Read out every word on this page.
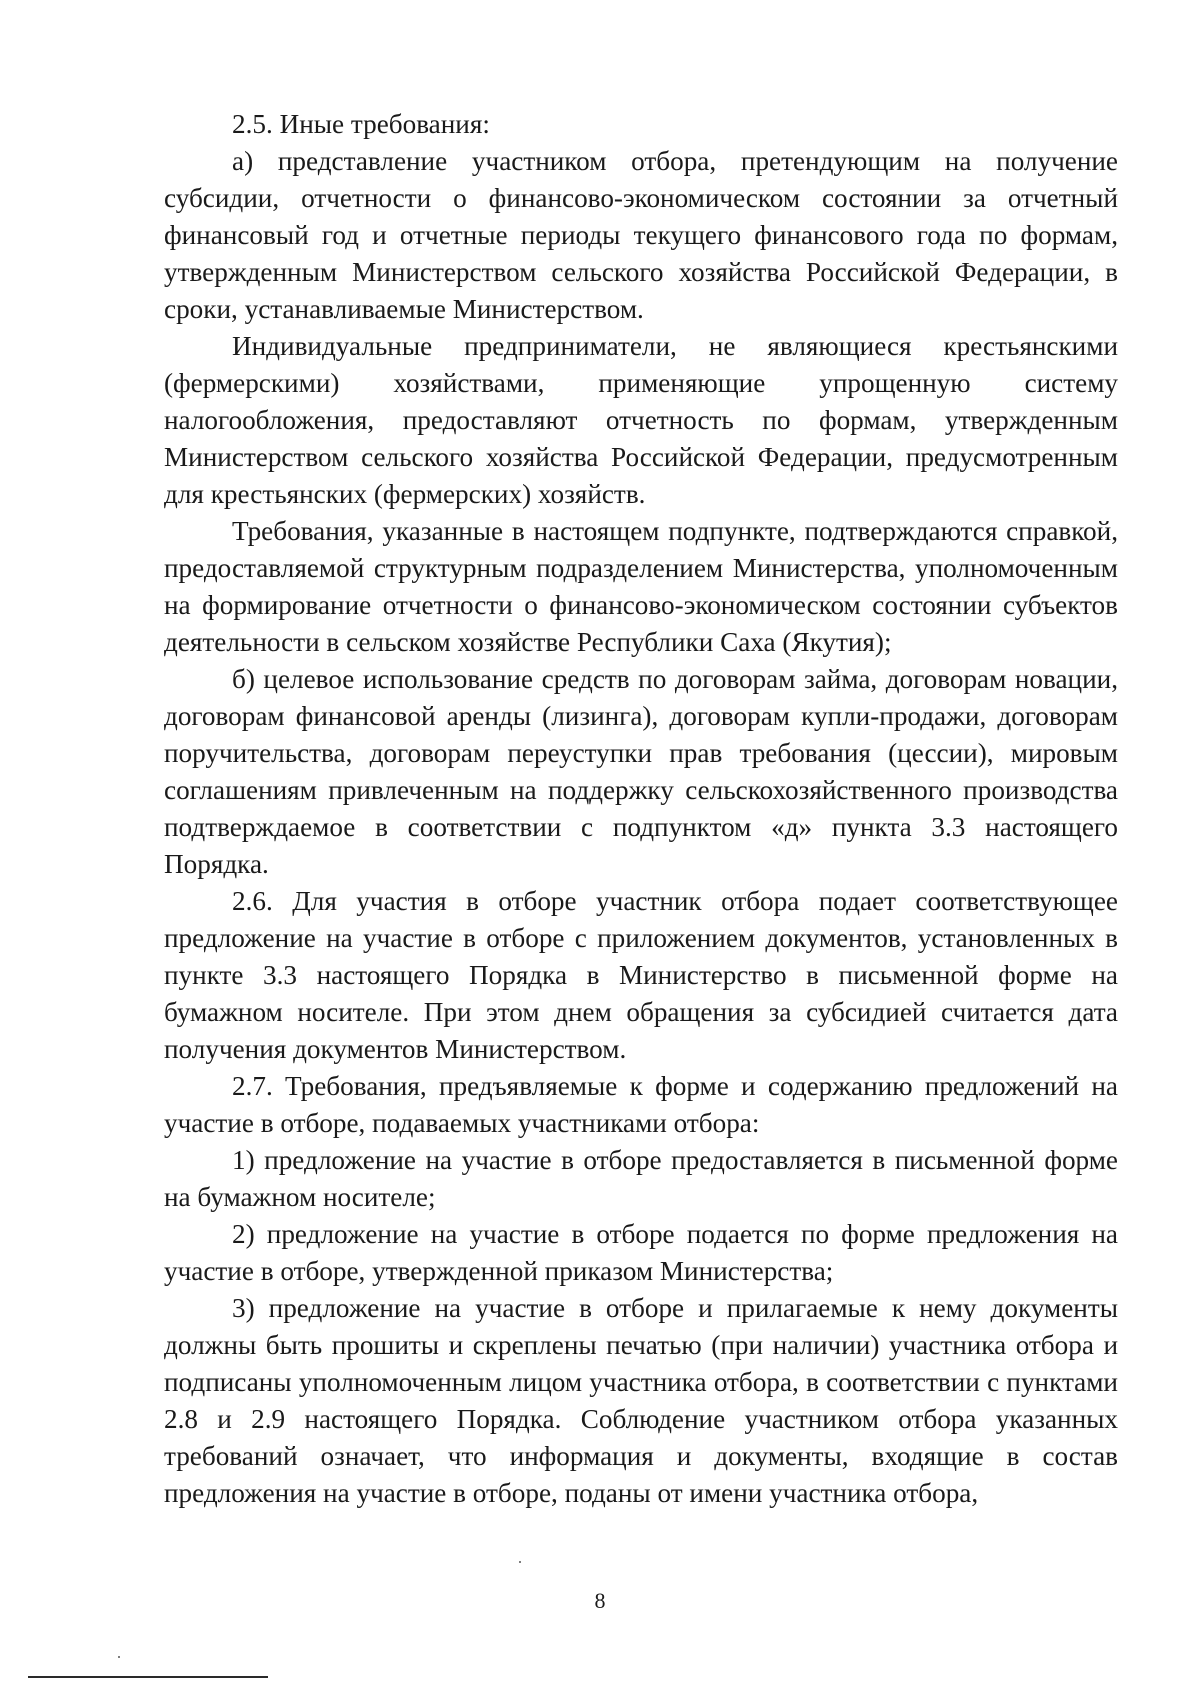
2.5. Иные требования:

а) представление участником отбора, претендующим на получение субсидии, отчетности о финансово-экономическом состоянии за отчетный финансовый год и отчетные периоды текущего финансового года по формам, утвержденным Министерством сельского хозяйства Российской Федерации, в сроки, устанавливаемые Министерством.

Индивидуальные предприниматели, не являющиеся крестьянскими (фермерскими) хозяйствами, применяющие упрощенную систему налогообложения, предоставляют отчетность по формам, утвержденным Министерством сельского хозяйства Российской Федерации, предусмотренным для крестьянских (фермерских) хозяйств.

Требования, указанные в настоящем подпункте, подтверждаются справкой, предоставляемой структурным подразделением Министерства, уполномоченным на формирование отчетности о финансово-экономическом состоянии субъектов деятельности в сельском хозяйстве Республики Саха (Якутия);

б) целевое использование средств по договорам займа, договорам новации, договорам финансовой аренды (лизинга), договорам купли-продажи, договорам поручительства, договорам переуступки прав требования (цессии), мировым соглашениям привлеченным на поддержку сельскохозяйственного производства подтверждаемое в соответствии с подпунктом «д» пункта 3.3 настоящего Порядка.

2.6. Для участия в отборе участник отбора подает соответствующее предложение на участие в отборе с приложением документов, установленных в пункте 3.3 настоящего Порядка в Министерство в письменной форме на бумажном носителе. При этом днем обращения за субсидией считается дата получения документов Министерством.

2.7. Требования, предъявляемые к форме и содержанию предложений на участие в отборе, подаваемых участниками отбора:

1) предложение на участие в отборе предоставляется в письменной форме на бумажном носителе;

2) предложение на участие в отборе подается по форме предложения на участие в отборе, утвержденной приказом Министерства;

3) предложение на участие в отборе и прилагаемые к нему документы должны быть прошиты и скреплены печатью (при наличии) участника отбора и подписаны уполномоченным лицом участника отбора, в соответствии с пунктами 2.8 и 2.9 настоящего Порядка. Соблюдение участником отбора указанных требований означает, что информация и документы, входящие в состав предложения на участие в отборе, поданы от имени участника отбора,

8
